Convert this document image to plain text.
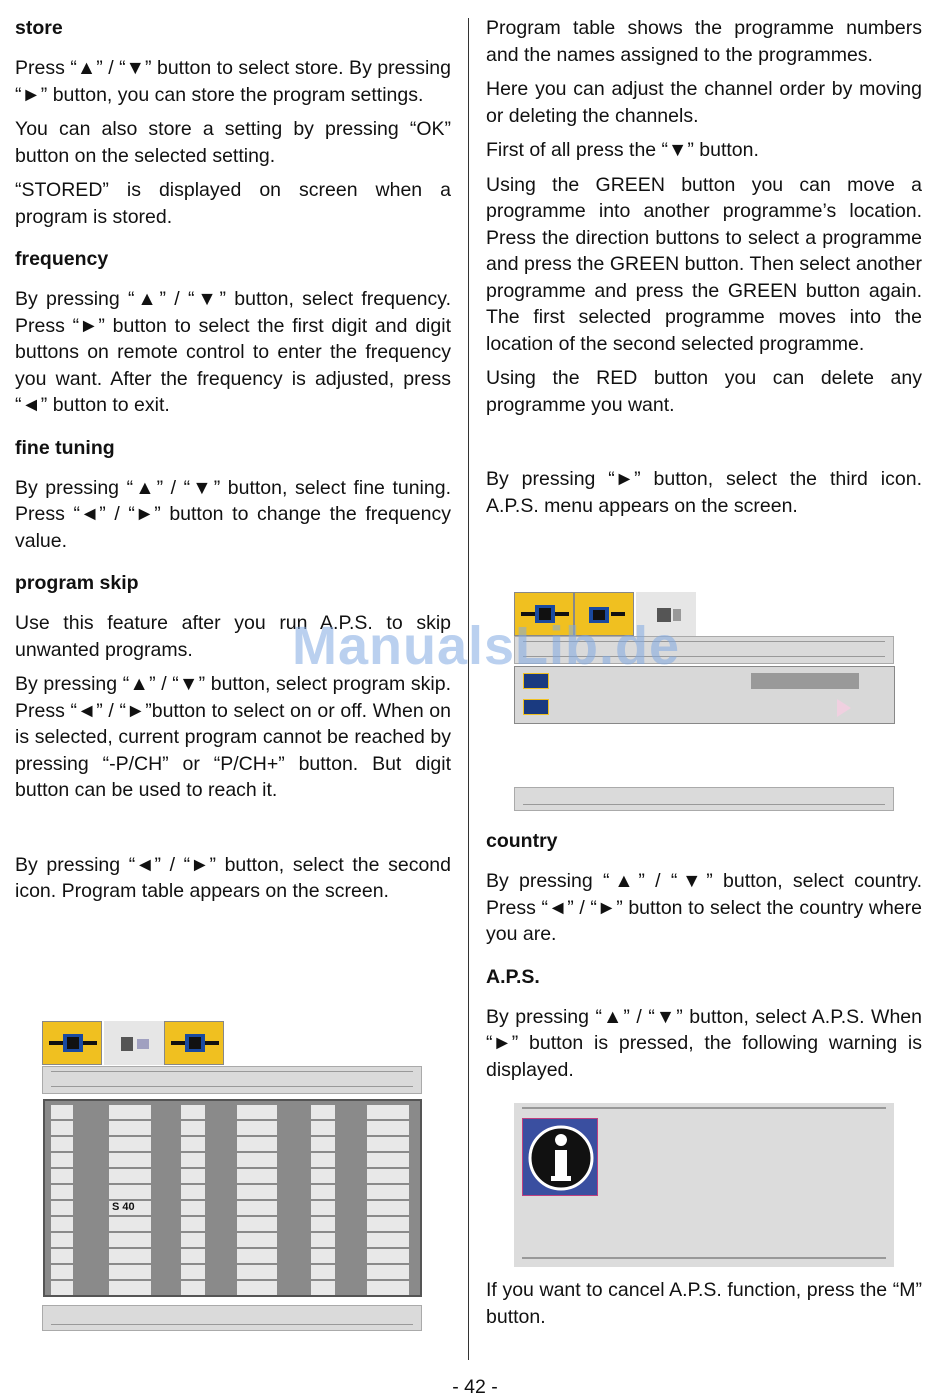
store

Press “▲” / “▼” button to select store. By pressing “►” button, you can store the program settings.

You can also store a setting by pressing “OK” button on the selected setting.

“STORED” is displayed on screen when a program is stored.

frequency

By pressing “▲” / “▼” button, select frequency. Press “►” button to select the first digit and digit buttons on remote control to enter the frequency you want. After the frequency is adjusted, press “◄” button to exit.

fine tuning

By pressing “▲” / “▼” button, select fine tuning. Press “◄” / “►” button to change the frequency value.

program skip

Use this feature after you run A.P.S. to skip unwanted programs.

By pressing “▲” / “▼” button, select program skip. Press “◄” / “►”button to select on or off. When on is selected, current program cannot be reached by pressing “-P/CH” or “P/CH+” button. But digit button can be used to reach it.

By pressing “◄” / “►” button, select the second icon. Program table appears on the screen.

S 40

Program table shows the programme numbers and the names assigned to the programmes.

Here you can adjust the channel order by moving or deleting the channels.

First of all press the “▼” button.

Using the GREEN button you can move a programme into another programme’s location. Press the direction buttons to select a programme and press the GREEN button. Then select another programme and press the GREEN button again. The first selected programme moves into the location of the second selected programme.

Using the RED button you can delete any programme you want.

By pressing “►” button, select the third icon. A.P.S. menu appears on the screen.

country

By pressing “▲” / “▼” button, select country. Press “◄” / “►” button to select the country where you are.

A.P.S.

By pressing “▲” / “▼” button, select A.P.S. When “►” button is pressed, the following warning is displayed.

If you want to cancel A.P.S. function, press the “M” button.

ManualsLib.de
- 42 -
